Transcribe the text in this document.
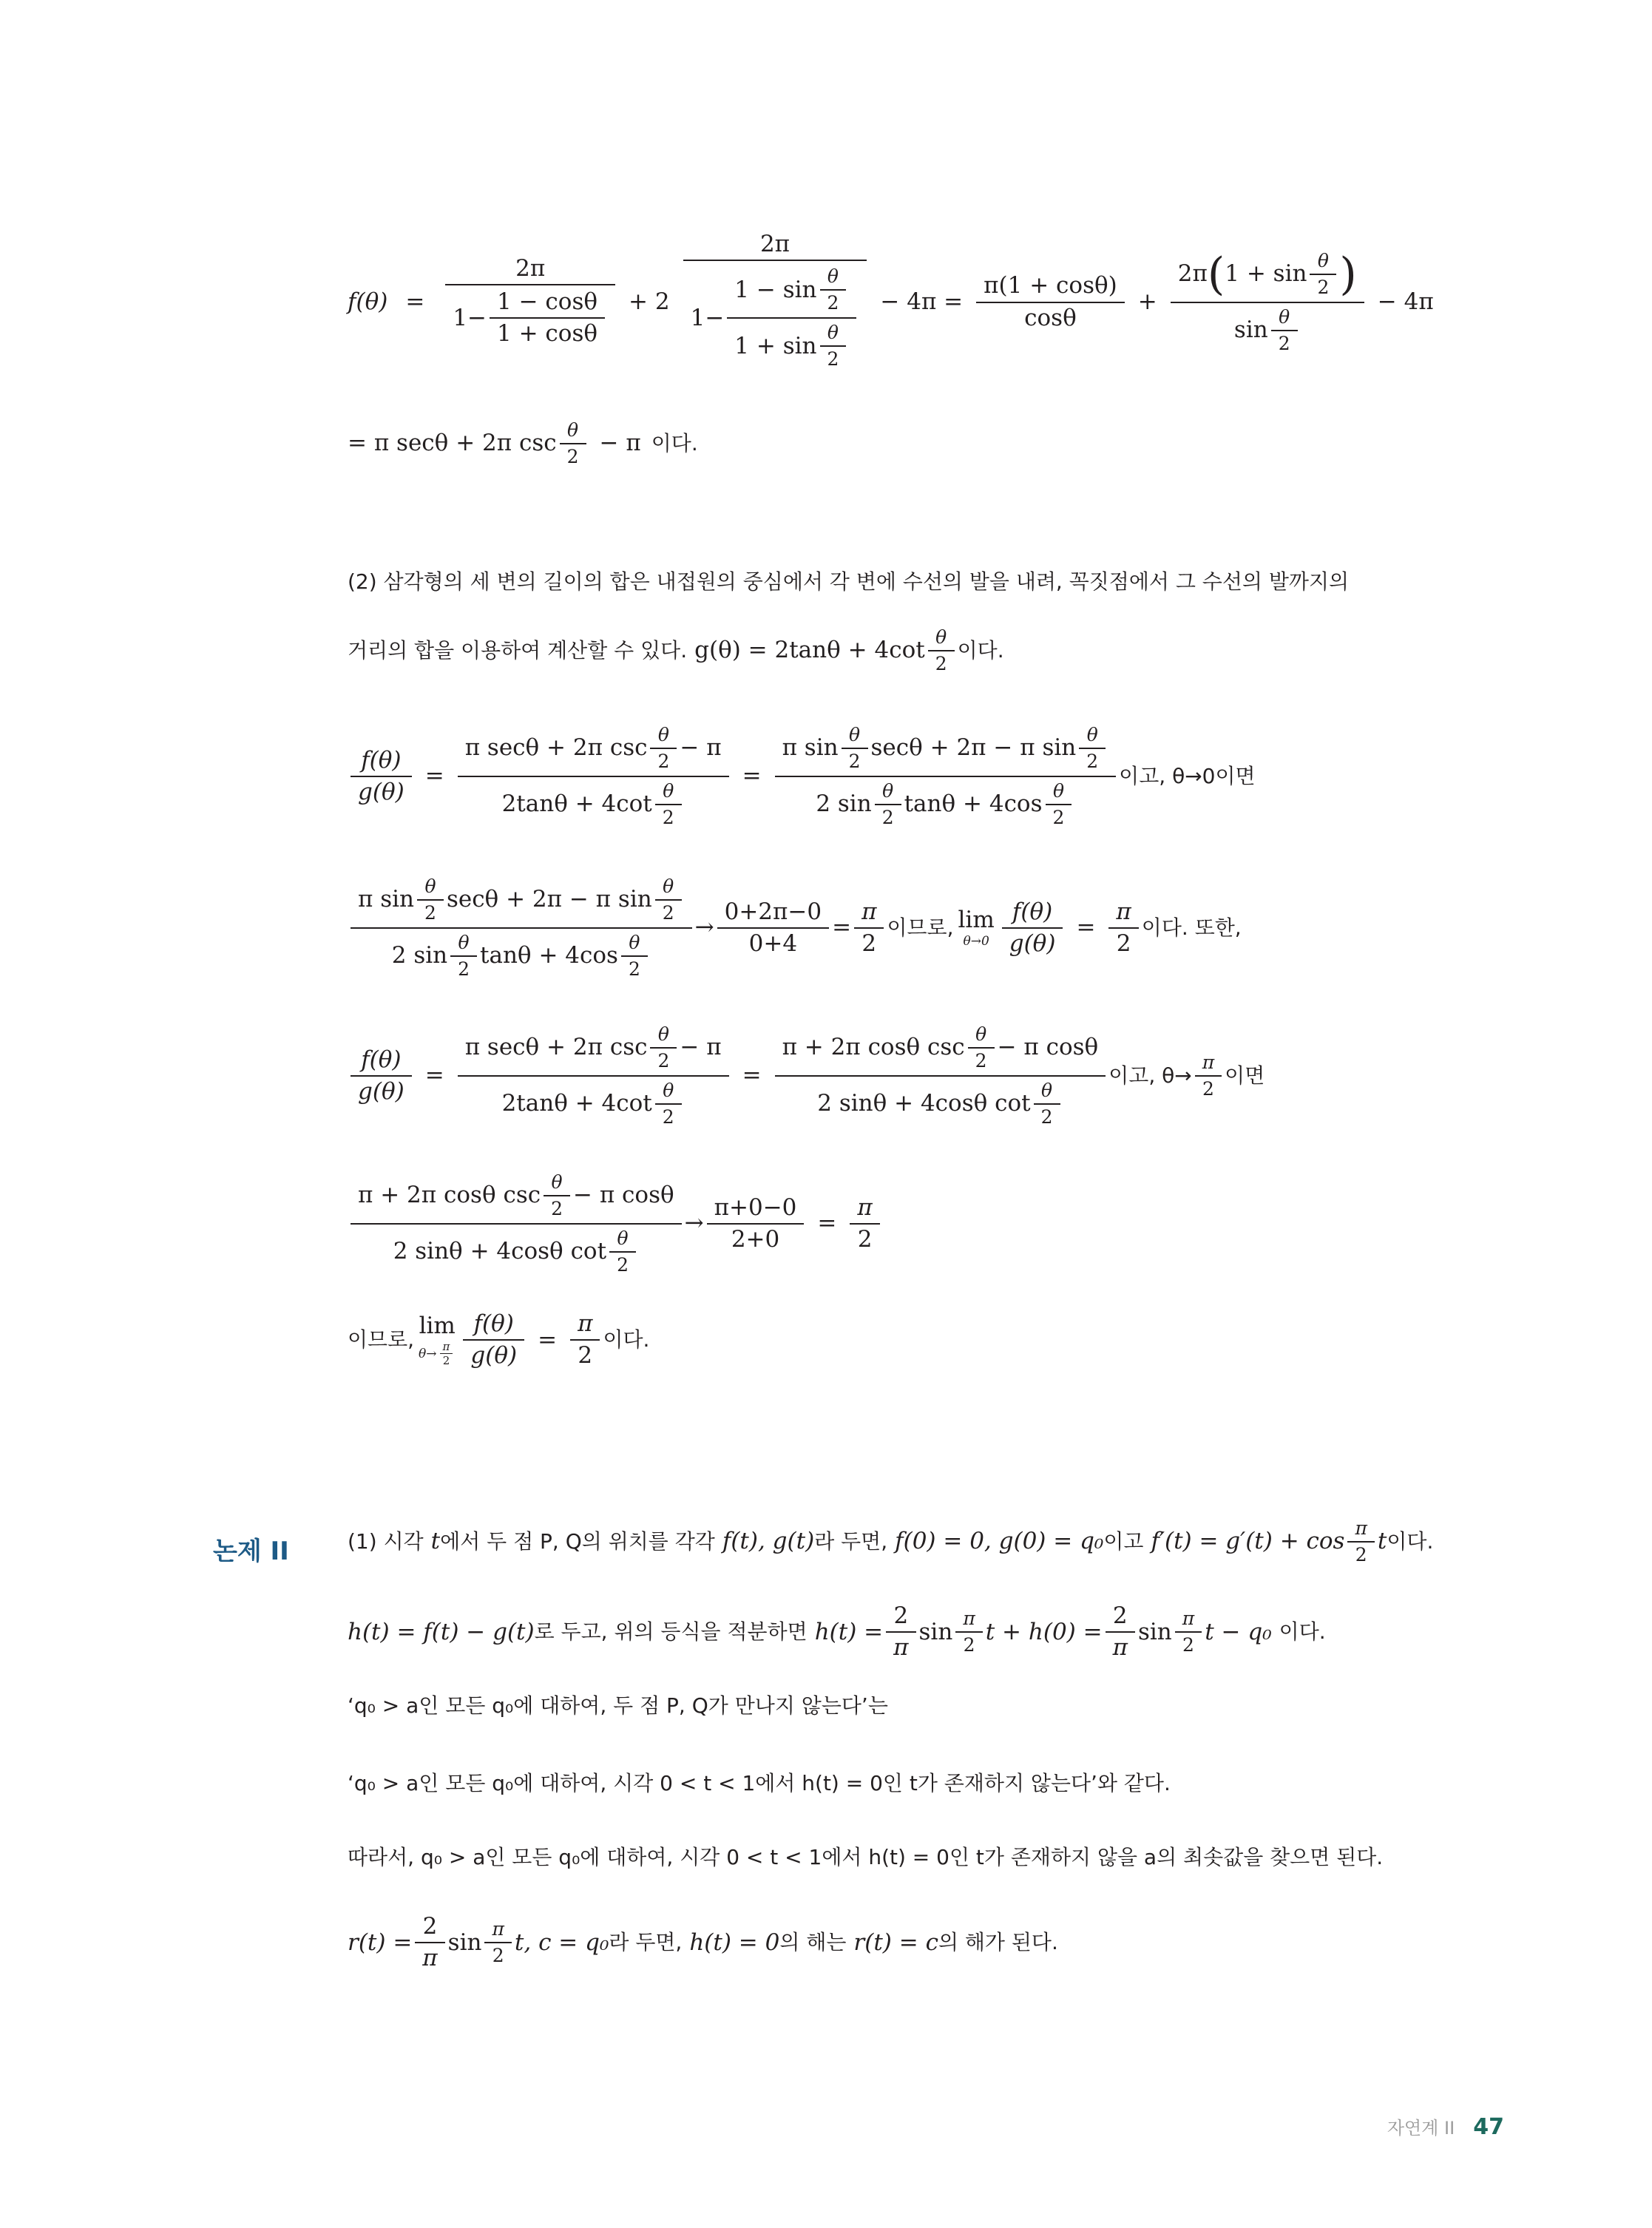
$f(\theta) = \frac{2\pi}{1- \frac{1 - \cos\theta}{1 + \cos\theta}} + 2$
2π
$1- \frac{1 - \sin \frac{\theta}{2}}{1 + \sin \frac{\theta}{2}} - 4\pi = \frac{\pi(1 + \cos\theta)}{\cos\theta} + \frac{2\pi ( 1 + \sin \frac{\theta}{2} )}{\sin \frac{\theta}{2}} - 4\pi$
= π secθ + 2π $\csc \frac{\theta}{2} - \pi$ 이다.
(2) 삼각형의 세 변의 길이의 합은 내접원의 중심에서 각 변에 수선의 발을 내려, 꼭짓점에서 그 수선의 발까지의
거리의 합을 이용하여 계산할 수 있다. $g(\theta) = 2\tan\theta + 4\cot \frac{\theta}{2}$ 이다.
$\frac{f(\theta)}{g(\theta)} = \frac{\pi \sec\theta + 2\pi \csc \frac{\theta}{2} - \pi}{2\tan\theta + 4\cot \frac{\theta}{2}} = \frac{\pi \sin \frac{\theta}{2} \sec\theta + 2\pi - \pi \sin \frac{\theta}{2}}{2 \sin \frac{\theta}{2} \tan\theta + 4\cos \frac{\theta}{2}}$ 이고, θ→0이면
$\frac{\pi \sin \frac{\theta}{2} \sec\theta + 2\pi - \pi \sin \frac{\theta}{2}}{2 \sin \frac{\theta}{2} \tan\theta + 4\cos \frac{\theta}{2}} \to \frac{0+2\pi-0}{0+4} = \frac{\pi}{2}$ 이므로, lim
$\theta\to 0 \frac{f(\theta)}{g(\theta)} = \frac{\pi}{2}$ 이다. 또한,
$\frac{f(\theta)}{g(\theta)} = \frac{\pi \sec\theta + 2\pi \csc \frac{\theta}{2} - \pi}{2\tan\theta + 4\cot \frac{\theta}{2}} = \frac{\pi + 2\pi \cos\theta \csc \frac{\theta}{2} - \pi \cos\theta}{2 \sin\theta + 4\cos\theta \cot \frac{\theta}{2}}$ 이고, $\theta\to \frac{\pi}{2}$ 이면
$\frac{\pi + 2\pi \cos\theta \csc \frac{\theta}{2} - \pi \cos\theta}{2 \sin\theta + 4\cos\theta \cot \frac{\theta}{2}} \to \frac{\pi+0-0}{2+0} = \frac{\pi}{2}$
이므로,
lim
$\theta\to \frac{\pi}{2} \frac{f(\theta)}{g(\theta)} = \frac{\pi}{2}$ 이다.
논제 II	(1) 시각 t 에서 두 점 P, Q의 위치를 각각 f(t), g(t) 라 두면, f(0) = 0, g(0) = q₀ 이고 $f'(t) = g'(t) + \cos \frac{\pi}{2}$ t 이다.
h(t) = f(t) − g(t) 로 두고, 위의 등식을 적분하면 $h(t) = \frac{2}{\pi}$ $\sin \frac{\pi}{2}$ $t + h(0) = \frac{2}{\pi}$ $\sin \frac{\pi}{2}$ t − q₀ 이다.
‘q₀ > a인 모든 q₀에 대하여, 두 점 P, Q가 만나지 않는다’는
‘q₀ > a인 모든 q₀에 대하여, 시각 0 < t < 1에서 h(t) = 0인 t가 존재하지 않는다’와 같다.
따라서, q₀ > a인 모든 q₀에 대하여, 시각 0 < t < 1에서 h(t) = 0인 t가 존재하지 않을 a의 최솟값을 찾으면 된다.
$r(t) = \frac{2}{\pi}$ $\sin \frac{\pi}{2} t$, c = q₀ 라 두면, h(t) = 0 의 해는 r(t) = c 의 해가 된다.
자연계 II 47
